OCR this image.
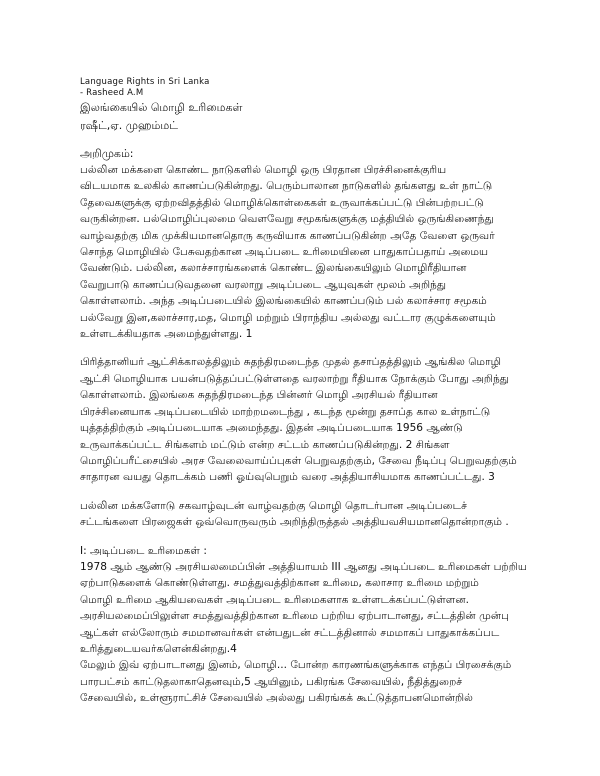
Language Rights in Sri Lanka
- Rasheed A.M
இலங்கையில் மொழி உரிமைகள்
ரஷீட்,ஏ. முஹம்மட்
அறிமுகம்:

பல்லின மக்களை கொண்ட நாடுகளில் மொழி ஒரு பிரதான பிரச்சினைக்குரிய
விடயமாக உலகில் காணப்படுகின்றது. பெரும்பாலான நாடுகளில் தங்களது உள் நாட்டு
தேவைகளுக்கு ஏற்றவிதத்தில் மொழிக்கொள்கைகள் உருவாக்கப்பட்டு பின்பற்றபட்டு
வருகின்றன. பல்மொழிப்புலமை வெளவேறு சமூகங்களுக்கு மத்தியில் ஒருங்கிணைந்து
வாழ்வதற்கு மிக முக்கியமானதொரு கருவியாக காணப்படுகின்ற அதே வேளை ஒருவர்
சொந்த மொழியில் பேசுவதற்கான அடிப்படை உரிமையினை பாதுகாப்பதாய் அமைய
வேண்டும். பல்லின, கலாச்சாரங்களைக் கொண்ட இலங்கையிலும் மொழிரீதியான
வேறுபாடு காணப்படுவதனை வரலாறு அடிப்படை ஆயுவுகள் மூலம் அறிந்து
கொள்ளலாம். அந்த அடிப்படையில் இலங்கையில் காணப்படும் பல் கலாச்சார சமூகம்
பல்வேறு இன,கலாச்சார,மத, மொழி மற்றும் பிராந்திய அல்லது வட்டார குழுக்களையும்
உள்ளடக்கியதாக அமைந்துள்ளது. 1

பிரித்தானியர் ஆட்சிக்காலத்திலும் சுதந்திரமடைந்த முதல் தசாப்தத்திலும் ஆங்கில மொழி
ஆட்சி மொழியாக பயன்படுத்தப்பட்டுள்ளதை வரலாற்று ரீதியாக நோக்கும் போது அறிந்து
கொள்ளலாம். இலங்கை சுதந்திரமடைந்த பின்னர் மொழி அரசியல் ரீதியான
பிரச்சினையாக அடிப்படையில் மாற்றமடைந்து , கடந்த மூன்று தசாப்த கால உள்நாட்டு
யுத்தத்திற்கும் அடிப்படையாக அமைந்தது. இதன் அடிப்படையாக 1956 ஆண்டு
உருவாக்கப்பட்ட சிங்களம் மட்டும் என்ற சட்டம் காணப்படுகின்றது. 2 சிங்கள
மொழிப்பரீட்சையில் அரச வேலைவாய்ப்புகள் பெறுவதற்கும், சேவை நீடிப்பு பெறுவதற்கும்
சாதாரன வயது தொடக்கம் பணி ஓய்வுபெறும் வரை அத்தியாசியமாக காணப்பட்டது. 3

பல்லின மக்களோடு சகவாழ்வுடன் வாழ்வதற்கு மொழி தொடர்பான அடிப்படைச்
சட்டங்களை பிரஜைகள் ஒவ்வொருவரும் அறிந்திருத்தல் அத்தியவசியமானதொன்றாகும் .

I: அடிப்படை உரிமைகள் :

1978 ஆம் ஆண்டு அரசியலமைப்பின் அத்தியாயம் III ஆனது அடிப்படை உரிமைகள் பற்றிய
ஏற்பாடுகளைக் கொண்டுள்ளது. சமத்துவத்திற்கான உரிமை, கலாசார உரிமை மற்றும்
மொழி உரிமை ஆகியவைகள் அடிப்படை உரிமைகளாக உள்ளடக்கப்பட்டுள்ளன.
அரசியலமைப்பிலுள்ள சமத்துவத்திற்கான உரிமை பற்றிய ஏற்பாடானது, சட்டத்தின் முன்பு
ஆட்கள் எல்லோரும் சமமானவர்கள் என்பதுடன் சட்டத்தினால் சமமாகப் பாதுகாக்கப்பட
உரித்துடையவர்களென்கின்றது.4
மேலும் இவ் ஏற்பாடானது இனம், மொழி... போன்ற காரணங்களுக்காக எந்தப் பிரசைக்கும்
பாரபட்சம் காட்டுதலாகாதெனவும்,5 ஆயினும், பகிரங்க சேவையில், நீதித்துறைச்
சேவையில், உள்ளூராட்சிச் சேவையில் அல்லது பகிரங்கக் கூட்டுத்தாபனமொன்றில்
